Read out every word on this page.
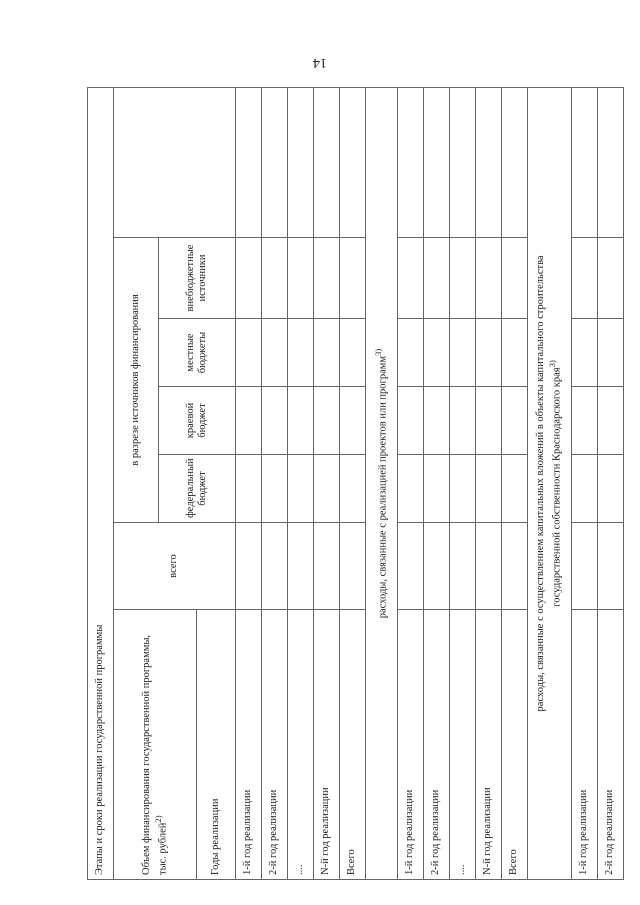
14
Этапы и сроки реализации государственной программы						
Объем финансирования государственной программы, тыс. рублей$^{2)}$	всего	в разрезе источников финансирования				
		федеральный бюджет	краевой бюджет	местные бюджеты	внебюджетные источники	
Годы реализации						
1-й год реализации						
2-й год реализации						
....						
N-й год реализации						
Всего						
расходы, связанные с реализацией проектов или программ$^{3)}$
1-й год реализации						
2-й год реализации						
....						
N-й год реализации						
Всего						
расходы, связанные с осуществлением капитальных вложений в объекты капитального строительства государственной собственности Краснодарского края$^{3)}$
1-й год реализации						
2-й год реализации						
